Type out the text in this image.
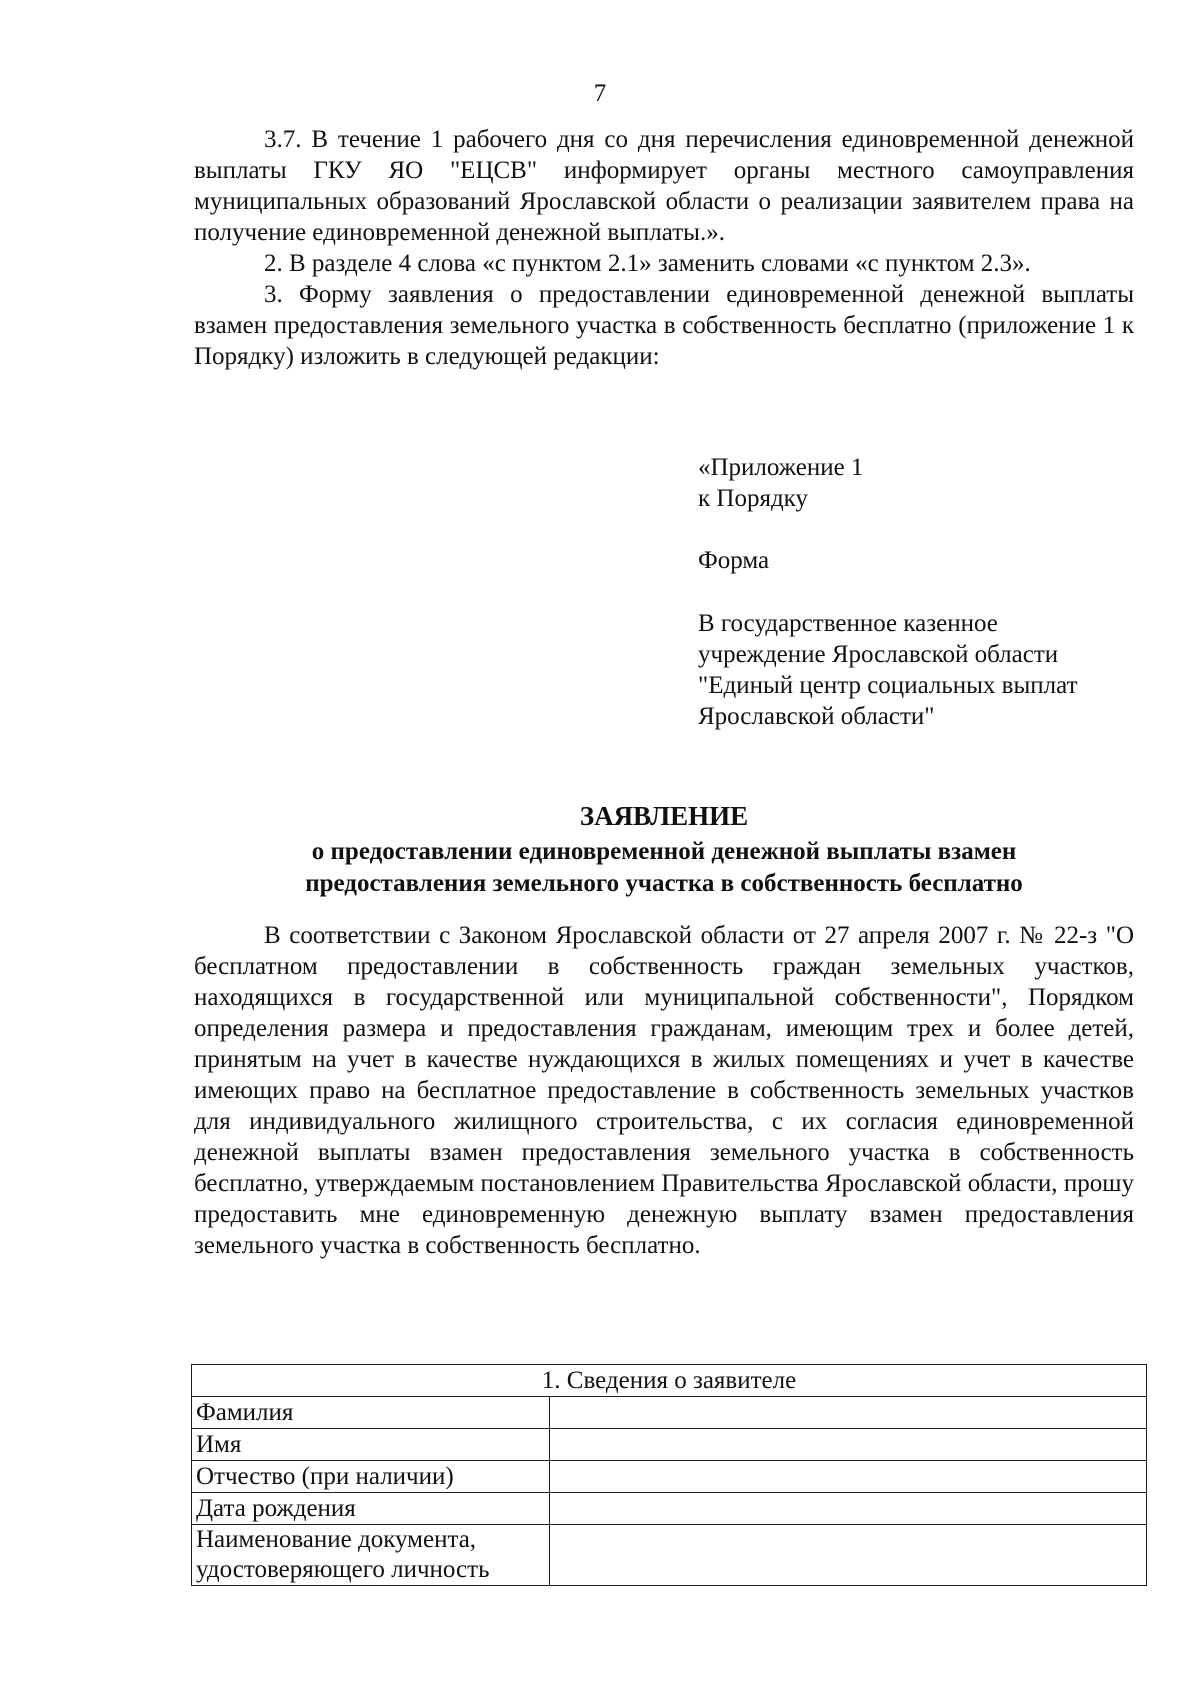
7

3.7. В течение 1 рабочего дня со дня перечисления единовременной денежной выплаты ГКУ ЯО "ЕЦСВ" информирует органы местного самоуправления муниципальных образований Ярославской области о реализации заявителем права на получение единовременной денежной выплаты.».

2. В разделе 4 слова «с пунктом 2.1» заменить словами «с пунктом 2.3».

3. Форму заявления о предоставлении единовременной денежной выплаты взамен предоставления земельного участка в собственность бесплатно (приложение 1 к Порядку) изложить в следующей редакции:

«Приложение 1
к Порядку
Форма
В государственное казенное
учреждение Ярославской области
"Единый центр социальных выплат
Ярославской области"
ЗАЯВЛЕНИЕ
о предоставлении единовременной денежной выплаты взамен
предоставления земельного участка в собственность бесплатно

В соответствии с Законом Ярославской области от 27 апреля 2007 г. № 22-з "О бесплатном предоставлении в собственность граждан земельных участков, находящихся в государственной или муниципальной собственности", Порядком определения размера и предоставления гражданам, имеющим трех и более детей, принятым на учет в качестве нуждающихся в жилых помещениях и учет в качестве имеющих право на бесплатное предоставление в собственность земельных участков для индивидуального жилищного строительства, с их согласия единовременной денежной выплаты взамен предоставления земельного участка в собственность бесплатно, утверждаемым постановлением Правительства Ярославской области, прошу предоставить мне единовременную денежную выплату взамен предоставления земельного участка в собственность бесплатно.

1. Сведения о заявителе	
Фамилия	
Имя	
Отчество (при наличии)	
Дата рождения	
Наименование документа, удостоверяющего личность	
